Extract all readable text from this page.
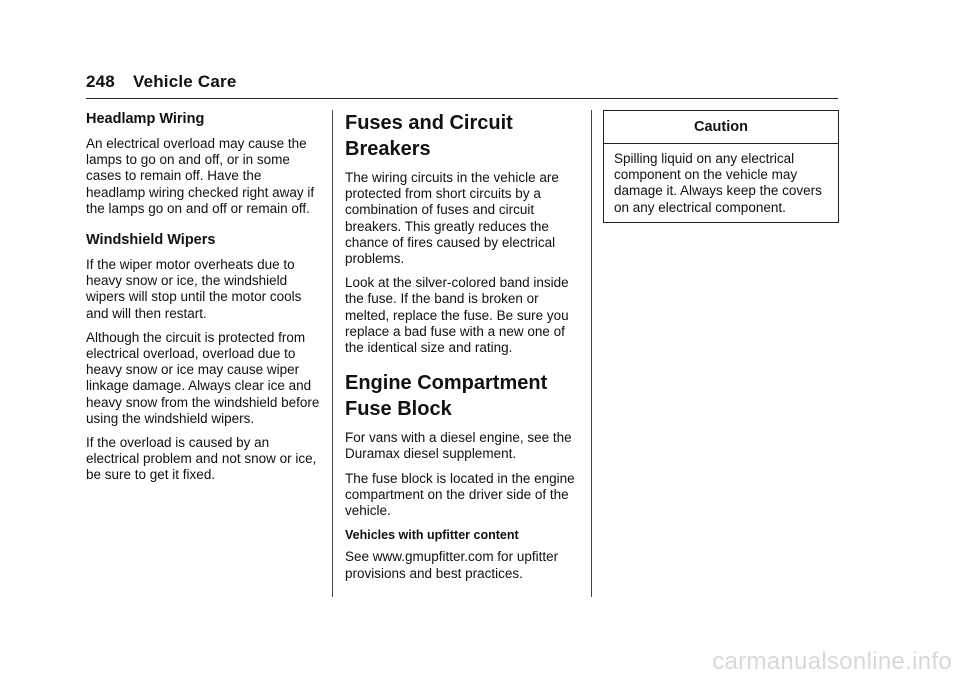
248 Vehicle Care
Headlamp Wiring

An electrical overload may cause the lamps to go on and off, or in some cases to remain off. Have the headlamp wiring checked right away if the lamps go on and off or remain off.

Windshield Wipers

If the wiper motor overheats due to heavy snow or ice, the windshield wipers will stop until the motor cools and will then restart.

Although the circuit is protected from electrical overload, overload due to heavy snow or ice may cause wiper linkage damage. Always clear ice and heavy snow from the windshield before using the windshield wipers.

If the overload is caused by an electrical problem and not snow or ice, be sure to get it fixed.

Fuses and Circuit Breakers

The wiring circuits in the vehicle are protected from short circuits by a combination of fuses and circuit breakers. This greatly reduces the chance of fires caused by electrical problems.

Look at the silver-colored band inside the fuse. If the band is broken or melted, replace the fuse. Be sure you replace a bad fuse with a new one of the identical size and rating.

Engine Compartment Fuse Block

For vans with a diesel engine, see the Duramax diesel supplement.

The fuse block is located in the engine compartment on the driver side of the vehicle.

Vehicles with upfitter content

See www.gmupfitter.com for upfitter provisions and best practices.

Caution

Spilling liquid on any electrical component on the vehicle may damage it. Always keep the covers on any electrical component.

carmanualsonline.info
